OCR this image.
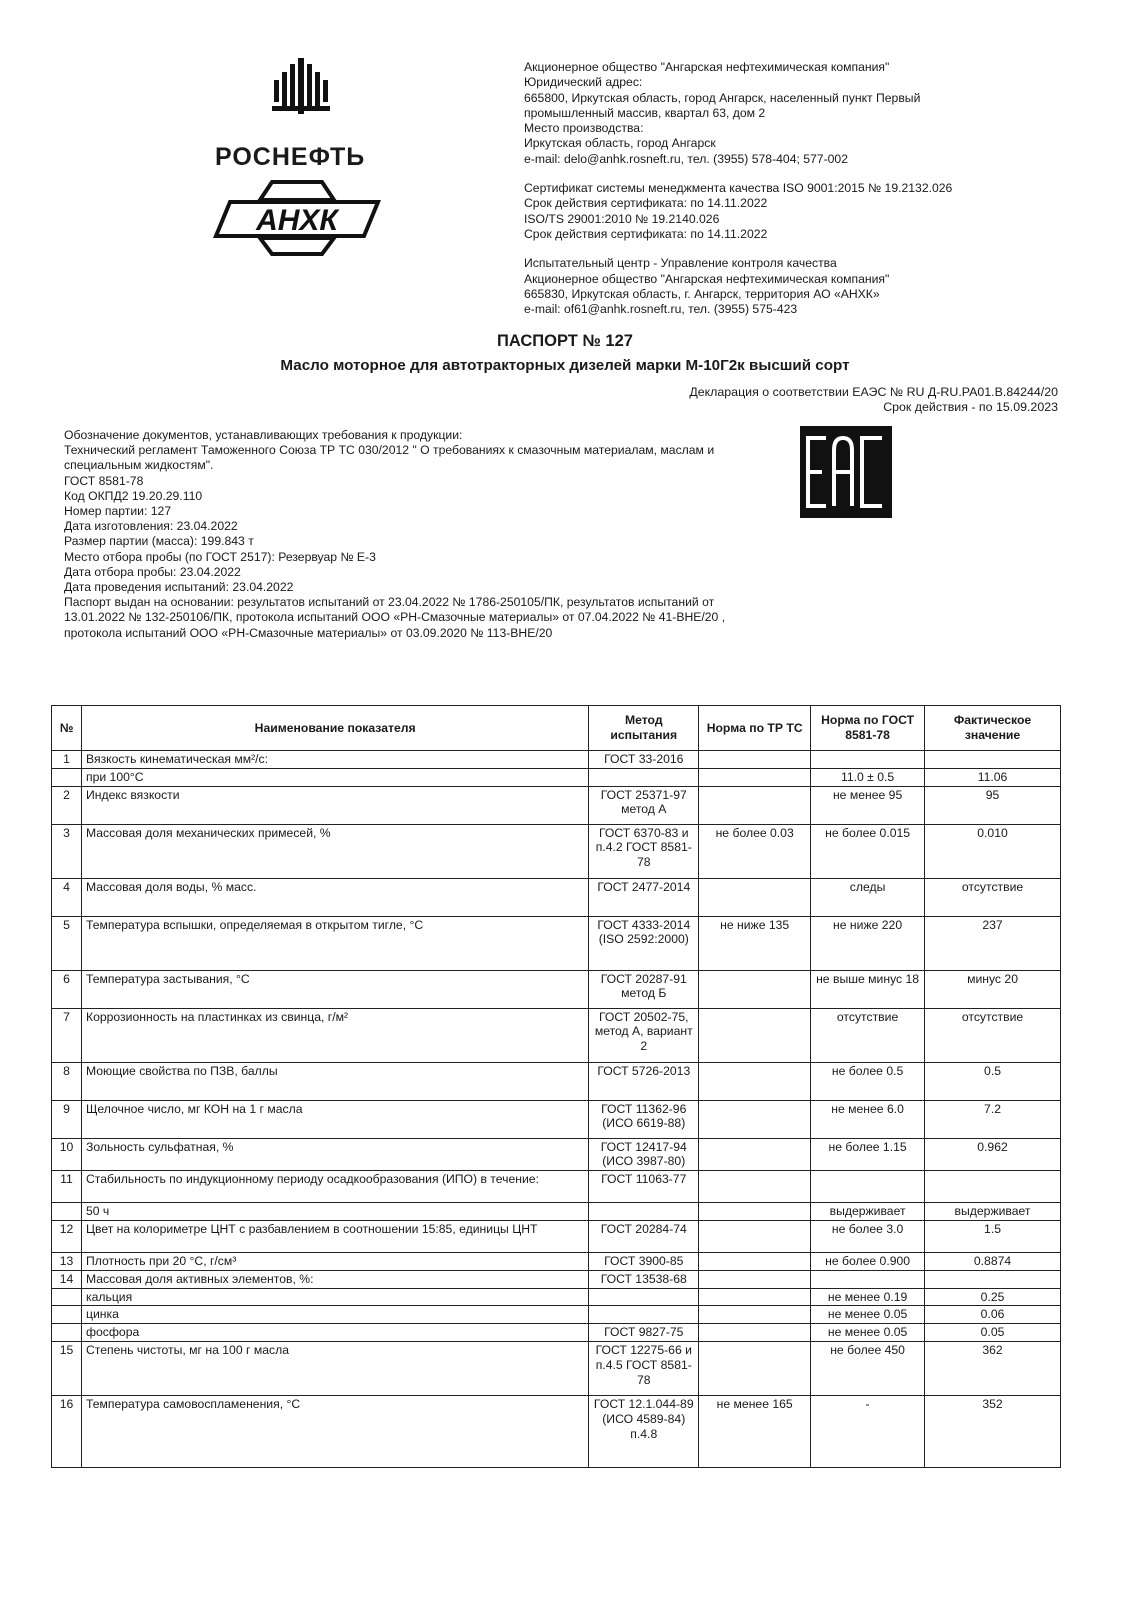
РОСНЕФТЬ
АНХК

Акционерное общество "Ангарская нефтехимическая компания"

Юридический адрес:

665800, Иркутская область, город Ангарск, населенный пункт Первый

промышленный массив, квартал 63, дом 2

Место производства:

Иркутская область, город Ангарск

e-mail: delo@anhk.rosneft.ru, тел. (3955) 578-404; 577-002

Сертификат системы менеджмента качества ISO 9001:2015 № 19.2132.026

Срок действия сертификата: по 14.11.2022

ISO/TS 29001:2010 № 19.2140.026

Срок действия сертификата: по 14.11.2022

Испытательный центр - Управление контроля качества

Акционерное общество "Ангарская нефтехимическая компания"

665830, Иркутская область, г. Ангарск, территория АО «АНХК»

e-mail: of61@anhk.rosneft.ru, тел. (3955) 575-423

ПАСПОРТ № 127
Масло моторное для автотракторных дизелей марки М-10Г2к высший сорт
Декларация о соответствии ЕАЭС № RU Д-RU.PA01.B.84244/20
Срок действия - по 15.09.2023

Обозначение документов, устанавливающих требования к продукции:

Технический регламент Таможенного Союза ТР ТС 030/2012 " О требованиях к смазочным материалам, маслам и

специальным жидкостям".

ГОСТ 8581-78

Код ОКПД2 19.20.29.110

Номер партии: 127

Дата изготовления: 23.04.2022

Размер партии (масса): 199.843 т

Место отбора пробы (по ГОСТ 2517): Резервуар № Е-3

Дата отбора пробы: 23.04.2022

Дата проведения испытаний: 23.04.2022

Паспорт выдан на основании: результатов испытаний от 23.04.2022 № 1786-250105/ПК, результатов испытаний от

13.01.2022 № 132-250106/ПК, протокола испытаний ООО «РН-Смазочные материалы» от 07.04.2022 № 41-ВНЕ/20 ,

протокола испытаний ООО «РН-Смазочные материалы» от 03.09.2020 № 113-ВНЕ/20

№	Наименование показателя	Метод испытания	Норма по ТР ТС	Норма по ГОСТ 8581-78	Фактическое значение
1	Вязкость кинематическая мм²/с:	ГОСТ 33-2016			
	при 100°С			11.0 ± 0.5	11.06
2	Индекс вязкости	ГОСТ 25371-97 метод А		не менее 95	95
3	Массовая доля механических примесей, %	ГОСТ 6370-83 и п.4.2 ГОСТ 8581-78	не более 0.03	не более 0.015	0.010
4	Массовая доля воды, % масс.	ГОСТ 2477-2014		следы	отсутствие
5	Температура вспышки, определяемая в открытом тигле, °С	ГОСТ 4333-2014 (ISO 2592:2000)	не ниже 135	не ниже 220	237
6	Температура застывания, °С	ГОСТ 20287-91 метод Б		не выше минус 18	минус 20
7	Коррозионность на пластинках из свинца, г/м²	ГОСТ 20502-75, метод А, вариант 2		отсутствие	отсутствие
8	Моющие свойства по ПЗВ, баллы	ГОСТ 5726-2013		не более 0.5	0.5
9	Щелочное число, мг КОН на 1 г масла	ГОСТ 11362-96 (ИСО 6619-88)		не менее 6.0	7.2
10	Зольность сульфатная, %	ГОСТ 12417-94 (ИСО 3987-80)		не более 1.15	0.962
11	Стабильность по индукционному периоду осадкообразования (ИПО) в течение:	ГОСТ 11063-77			
	50 ч			выдерживает	выдерживает
12	Цвет на колориметре ЦНТ с разбавлением в соотношении 15:85, единицы ЦНТ	ГОСТ 20284-74		не более 3.0	1.5
13	Плотность при 20 °С, г/см³	ГОСТ 3900-85		не более 0.900	0.8874
14	Массовая доля активных элементов, %:	ГОСТ 13538-68			
	кальция			не менее 0.19	0.25
	цинка			не менее 0.05	0.06
	фосфора	ГОСТ 9827-75		не менее 0.05	0.05
15	Степень чистоты, мг на 100 г масла	ГОСТ 12275-66 и п.4.5 ГОСТ 8581-78		не более 450	362
16	Температура самовоспламенения, °С	ГОСТ 12.1.044-89 (ИСО 4589-84) п.4.8	не менее 165	-	352
